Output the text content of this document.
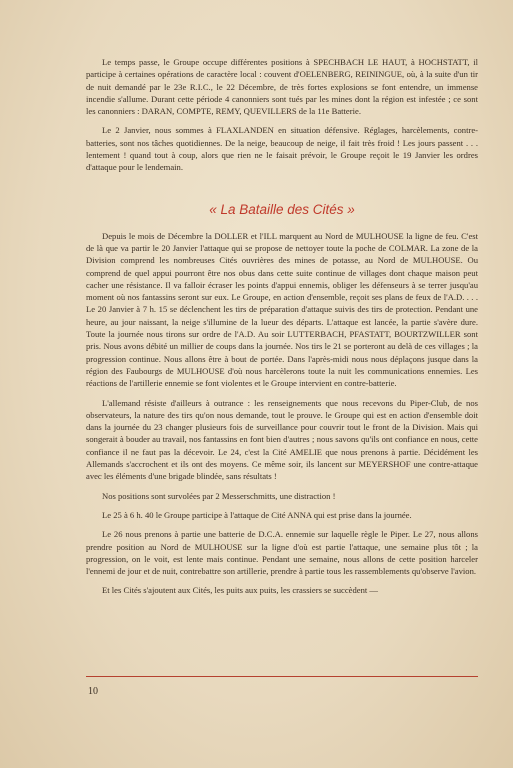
Le temps passe, le Groupe occupe différentes positions à SPECHBACH LE HAUT, à HOCHSTATT, il participe à certaines opérations de caractère local : couvent d'OELENBERG, REININGUE, où, à la suite d'un tir de nuit demandé par le 23e R.I.C., le 22 Décembre, de très fortes explosions se font entendre, un immense incendie s'allume. Durant cette période 4 canonniers sont tués par les mines dont la région est infestée ; ce sont les canonniers : DARAN, COMPTE, REMY, QUEVILLERS de la 11e Batterie.

Le 2 Janvier, nous sommes à FLAXLANDEN en situation défensive. Réglages, harcèlements, contre-batteries, sont nos tâches quotidiennes. De la neige, beaucoup de neige, il fait très froid ! Les jours passent . . . lentement ! quand tout à coup, alors que rien ne le faisait prévoir, le Groupe reçoit le 19 Janvier les ordres d'attaque pour le lendemain.

« La Bataille des Cités »

Depuis le mois de Décembre la DOLLER et l'ILL marquent au Nord de MULHOUSE la ligne de feu. C'est de là que va partir le 20 Janvier l'attaque qui se propose de nettoyer toute la poche de COLMAR. La zone de la Division comprend les nombreuses Cités ouvrières des mines de potasse, au Nord de MULHOUSE. Ou comprend de quel appui pourront être nos obus dans cette suite continue de villages dont chaque maison peut cacher une résistance. Il va falloir écraser les points d'appui ennemis, obliger les défenseurs à se terrer jusqu'au moment où nos fantassins seront sur eux. Le Groupe, en action d'ensemble, reçoit ses plans de feux de l'A.D. . . . Le 20 Janvier à 7 h. 15 se déclenchent les tirs de préparation d'attaque suivis des tirs de protection. Pendant une heure, au jour naissant, la neige s'illumine de la lueur des départs. L'attaque est lancée, la partie s'avère dure. Toute la journée nous tirons sur ordre de l'A.D. Au soir LUTTERBACH, PFASTATT, BOURTZWILLER sont pris. Nous avons débité un millier de coups dans la journée. Nos tirs le 21 se porteront au delà de ces villages ; la progression continue. Nous allons être à bout de portée. Dans l'après-midi nous nous déplaçons jusque dans la région des Faubourgs de MULHOUSE d'où nous harcèlerons toute la nuit les communications ennemies. Les réactions de l'artillerie ennemie se font violentes et le Groupe intervient en contre-batterie.

L'allemand résiste d'ailleurs à outrance : les renseignements que nous recevons du Piper-Club, de nos observateurs, la nature des tirs qu'on nous demande, tout le prouve. le Groupe qui est en action d'ensemble doit dans la journée du 23 changer plusieurs fois de surveillance pour couvrir tout le front de la Division. Mais qui songerait à bouder au travail, nos fantassins en font bien d'autres ; nous savons qu'ils ont confiance en nous, cette confiance il ne faut pas la décevoir. Le 24, c'est la Cité AMELIE que nous prenons à partie. Décidément les Allemands s'accrochent et ils ont des moyens. Ce même soir, ils lancent sur MEYERSHOF une contre-attaque avec les éléments d'une brigade blindée, sans résultats !

Nos positions sont survolées par 2 Messerschmitts, une distraction !

Le 25 à 6 h. 40 le Groupe participe à l'attaque de Cité ANNA qui est prise dans la journée.

Le 26 nous prenons à partie une batterie de D.C.A. ennemie sur laquelle règle le Piper. Le 27, nous allons prendre position au Nord de MULHOUSE sur la ligne d'où est partie l'attaque, une semaine plus tôt ; la progression, on le voit, est lente mais continue. Pendant une semaine, nous allons de cette position harceler l'ennemi de jour et de nuit, contrebattre son artillerie, prendre à partie tous les rassemblements qu'observe l'avion.

Et les Cités s'ajoutent aux Cités, les puits aux puits, les crassiers se succèdent —

10
